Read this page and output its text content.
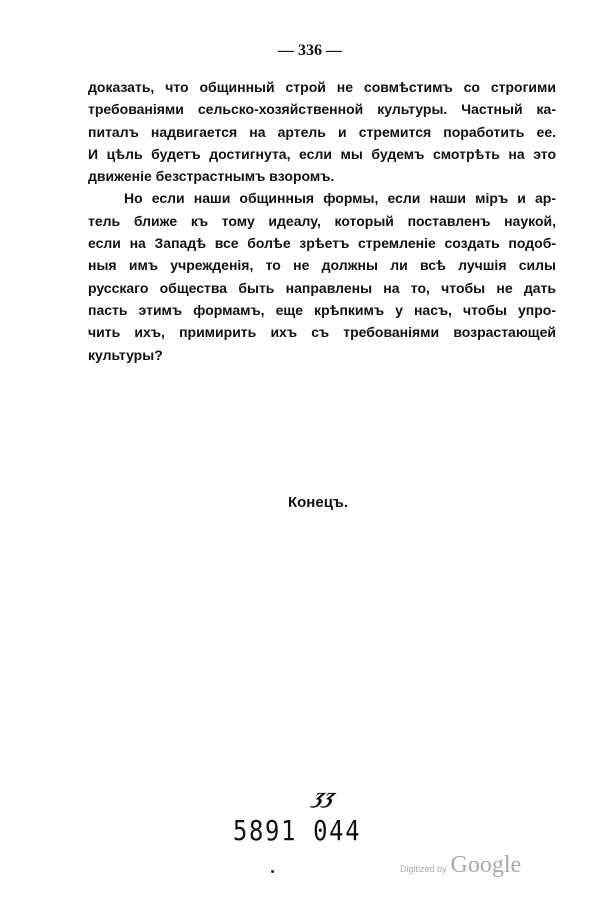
— 336 —
доказать, что общинный строй не совмѣстимъ со строгими
требованіями сельско-хозяйственной культуры. Частный ка-
питалъ надвигается на артель и стремится поработить ее.
И цѣль будетъ достигнута, если мы будемъ смотрѣть на это
движеніе безстрастнымъ взоромъ.
Но если наши общинныя формы, если наши міръ и ар-
тель ближе къ тому идеалу, который поставленъ наукой,
если на Западѣ все болѣе зрѣетъ стремленіе создать подоб-
ныя имъ учрежденія, то не должны ли всѣ лучшія силы
русскаго общества быть направлены на то, чтобы не дать
пасть этимъ формамъ, еще крѣпкимъ у насъ, чтобы упро-
чить ихъ, примирить ихъ съ требованіями возрастающей
культуры?
Конецъ.
ʒʒ
5891 044
Digitized by Google
